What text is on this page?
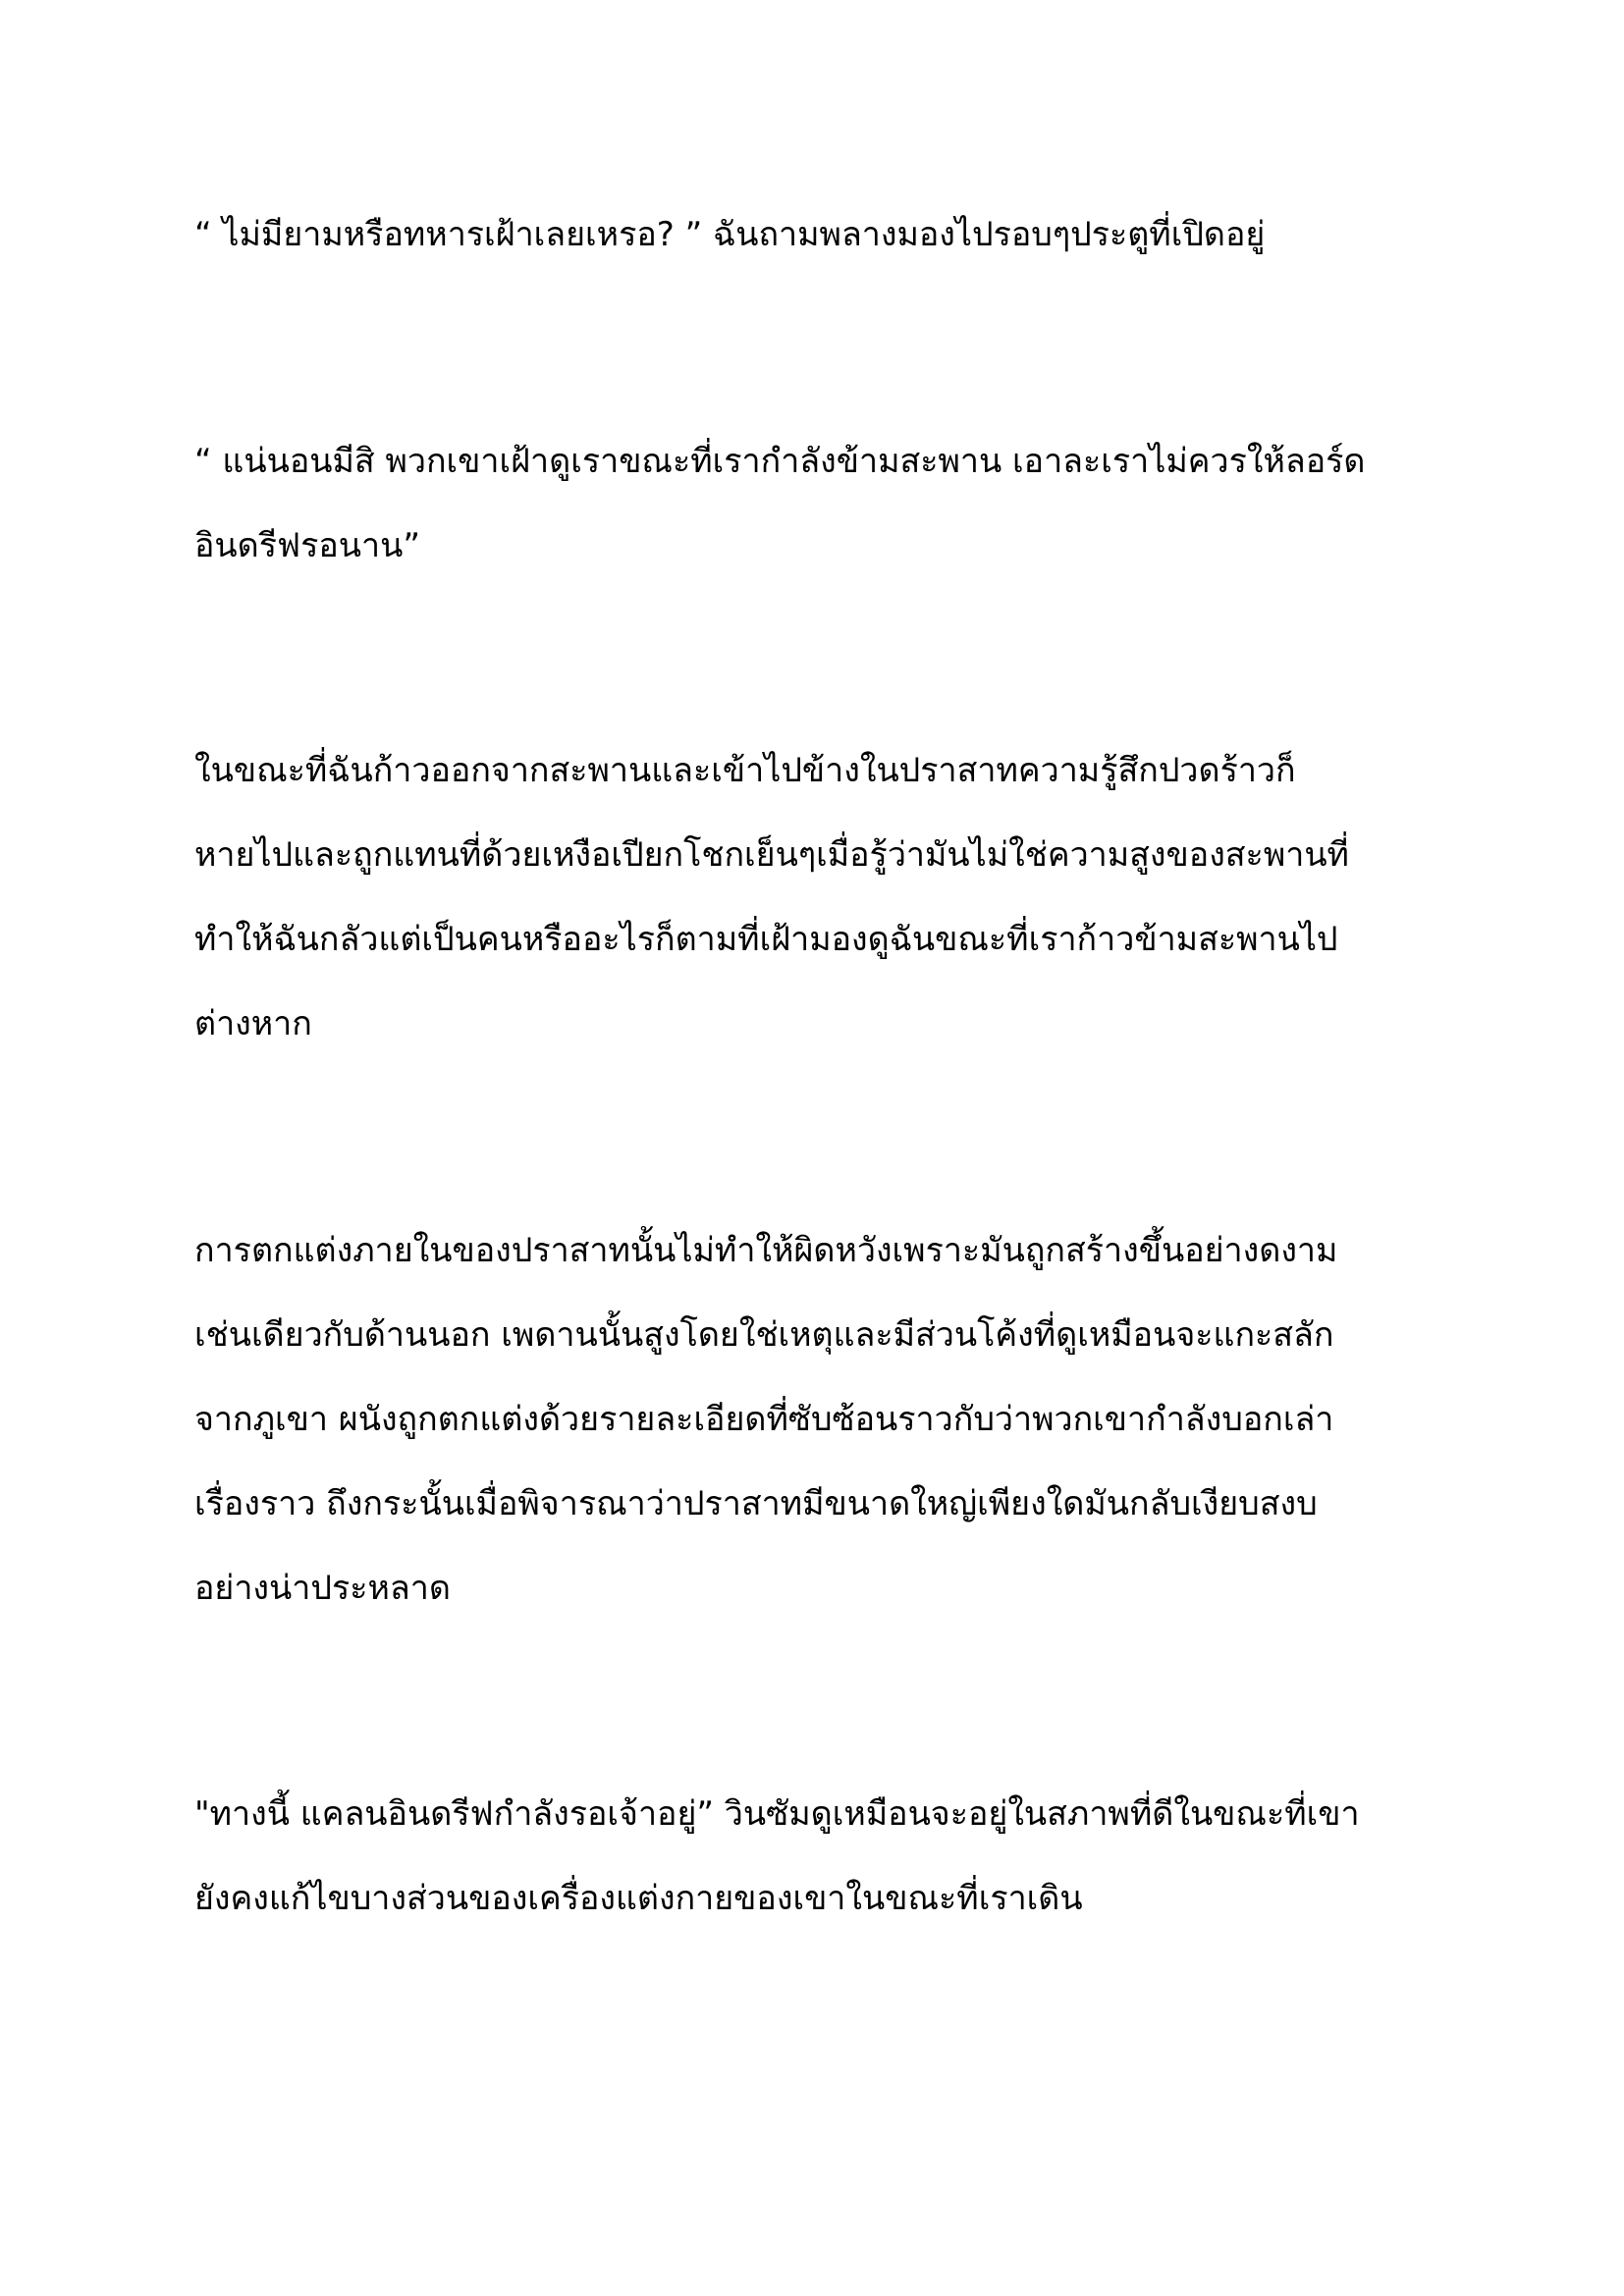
“ ไม่มียามหรือทหารเฝ้าเลยเหรอ? ” ฉันถามพลางมองไปรอบๆประตูที่เปิดอยู่

“ แน่นอนมีสิ พวกเขาเฝ้าดูเราขณะที่เรากำลังข้ามสะพาน เอาละเราไม่ควรให้ลอร์ด
อินดรีฟรอนาน”

ในขณะที่ฉันก้าวออกจากสะพานและเข้าไปข้างในปราสาทความรู้สึกปวดร้าวก็
หายไปและถูกแทนที่ด้วยเหงือเปียกโชกเย็นๆเมื่อรู้ว่ามันไม่ใช่ความสูงของสะพานที่
ทำให้ฉันกลัวแต่เป็นคนหรืออะไรก็ตามที่เฝ้ามองดูฉันขณะที่เราก้าวข้ามสะพานไป
ต่างหาก

การตกแต่งภายในของปราสาทนั้นไม่ทำให้ผิดหวังเพราะมันถูกสร้างขึ้นอย่างดงาม
เช่นเดียวกับด้านนอก เพดานนั้นสูงโดยใช่เหตุและมีส่วนโค้งที่ดูเหมือนจะแกะสลัก
จากภูเขา ผนังถูกตกแต่งด้วยรายละเอียดที่ซับซ้อนราวกับว่าพวกเขากำลังบอกเล่า
เรื่องราว ถึงกระนั้นเมื่อพิจารณาว่าปราสาทมีขนาดใหญ่เพียงใดมันกลับเงียบสงบ
อย่างน่าประหลาด

"ทางนี้ แคลนอินดรีฟกำลังรอเจ้าอยู่” วินซัมดูเหมือนจะอยู่ในสภาพที่ดีในขณะที่เขา
ยังคงแก้ไขบางส่วนของเครื่องแต่งกายของเขาในขณะที่เราเดิน
